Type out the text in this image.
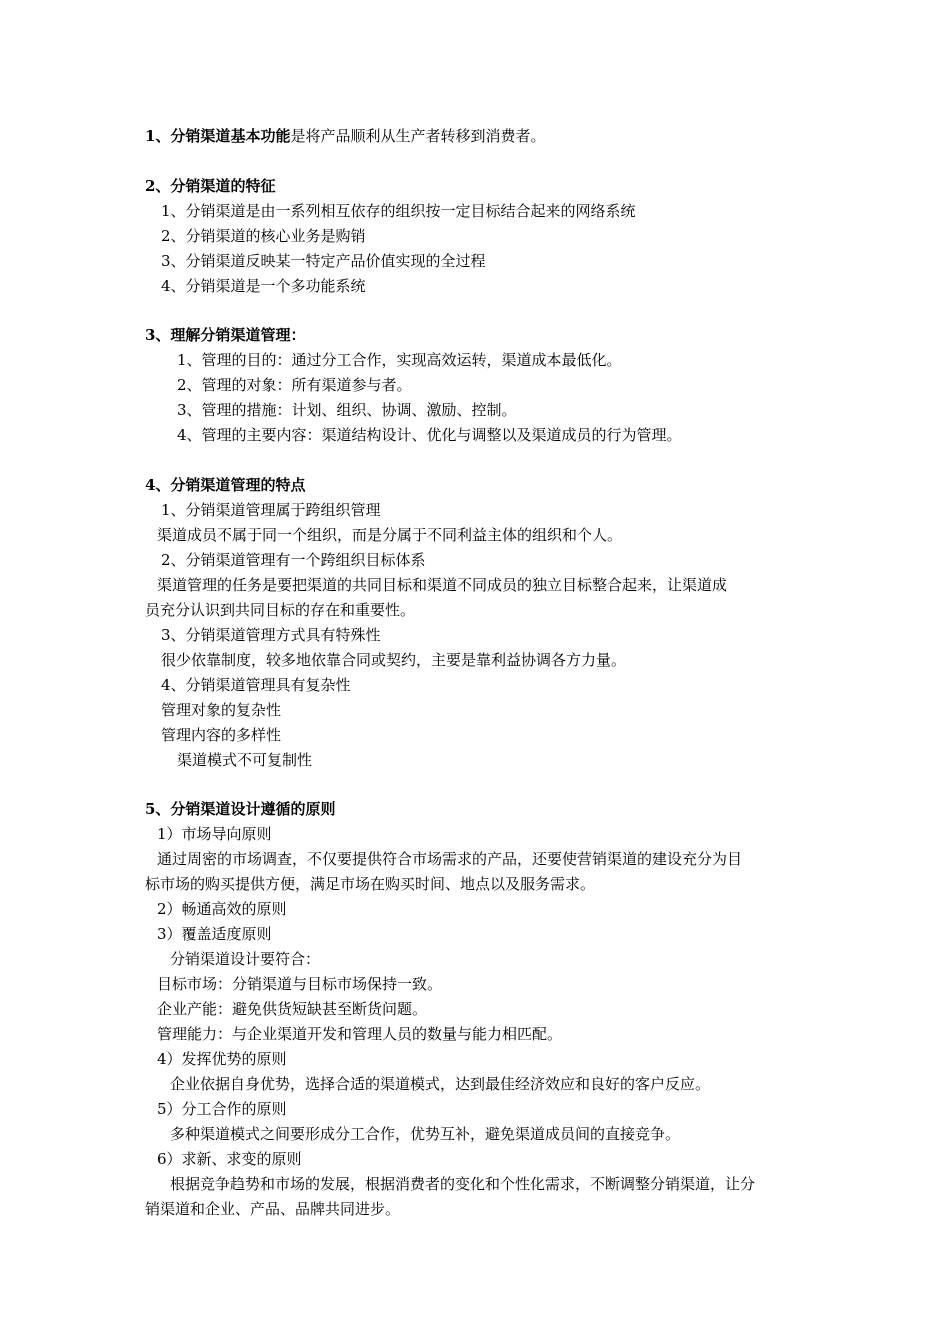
1、分销渠道基本功能是将产品顺利从生产者转移到消费者。
2、分销渠道的特征
1、分销渠道是由一系列相互依存的组织按一定目标结合起来的网络系统
2、分销渠道的核心业务是购销
3、分销渠道反映某一特定产品价值实现的全过程
4、分销渠道是一个多功能系统
3、理解分销渠道管理：
1、管理的目的：通过分工合作，实现高效运转，渠道成本最低化。
2、管理的对象：所有渠道参与者。
3、管理的措施：计划、组织、协调、激励、控制。
4、管理的主要内容：渠道结构设计、优化与调整以及渠道成员的行为管理。
4、分销渠道管理的特点
1、分销渠道管理属于跨组织管理
渠道成员不属于同一个组织，而是分属于不同利益主体的组织和个人。
2、分销渠道管理有一个跨组织目标体系
渠道管理的任务是要把渠道的共同目标和渠道不同成员的独立目标整合起来，让渠道成
员充分认识到共同目标的存在和重要性。
3、分销渠道管理方式具有特殊性
很少依靠制度，较多地依靠合同或契约，主要是靠利益协调各方力量。
4、分销渠道管理具有复杂性
管理对象的复杂性
管理内容的多样性
渠道模式不可复制性
5、分销渠道设计遵循的原则
1）市场导向原则
通过周密的市场调查，不仅要提供符合市场需求的产品，还要使营销渠道的建设充分为目
标市场的购买提供方便，满足市场在购买时间、地点以及服务需求。
2）畅通高效的原则
3）覆盖适度原则
分销渠道设计要符合：
目标市场：分销渠道与目标市场保持一致。
企业产能：避免供货短缺甚至断货问题。
管理能力：与企业渠道开发和管理人员的数量与能力相匹配。
4）发挥优势的原则
企业依据自身优势，选择合适的渠道模式，达到最佳经济效应和良好的客户反应。
5）分工合作的原则
多种渠道模式之间要形成分工合作，优势互补，避免渠道成员间的直接竞争。
6）求新、求变的原则
根据竞争趋势和市场的发展，根据消费者的变化和个性化需求，不断调整分销渠道，让分
销渠道和企业、产品、品牌共同进步。
